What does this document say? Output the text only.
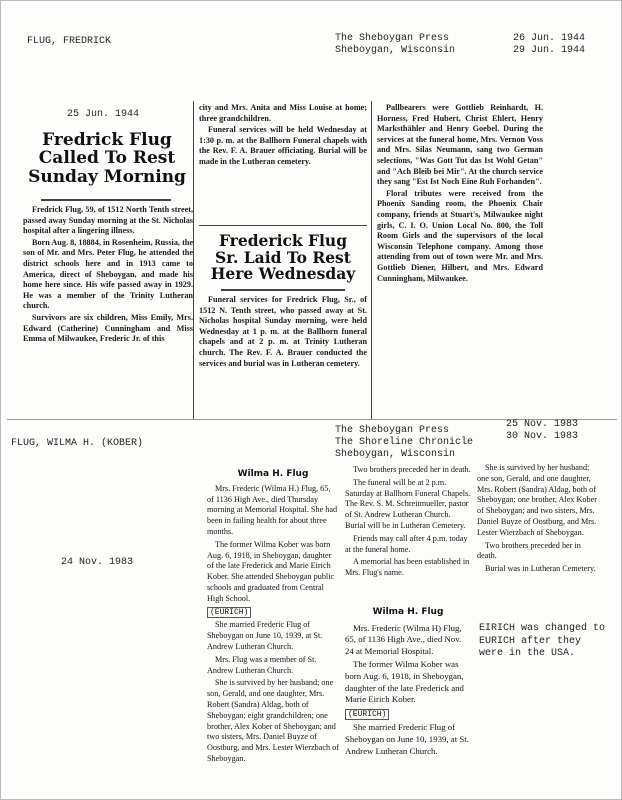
FLUG, FREDRICK	The Sheboygan Press
Sheboygan, Wisconsin
26 Jun. 1944
29 Jun. 1944
25 Jun. 1944
Fredrick Flug
Called To Rest
Sunday Morning

Fredrick Flug, 59, of 1512 North Tenth street, passed away Sunday morning at the St. Nicholas hospital after a lingering illness.

Born Aug. 8, 18884, in Rosenheim, Russia, the son of Mr. and Mrs. Peter Flug, he attended the district schools here and in 1913 came to America, direct of Sheboygan, and made his home here since. His wife passed away in 1929. He was a member of the Trinity Lutheran church.

Survivors are six children, Miss Emily, Mrs. Edward (Catherine) Cunningham and Miss Emma of Milwaukee, Frederic Jr. of this

city and Mrs. Anita and Miss Louise at home; three grandchildren.

Funeral services will be held Wednesday at 1:30 p. m. at the Ballhorn Funeral chapels with the Rev. F. A. Brauer officiating. Burial will be made in the Lutheran cemetery.

Frederick Flug
Sr. Laid To Rest
Here Wednesday

Funeral services for Fredrick Flug, Sr., of 1512 N. Tenth street, who passed away at St. Nicholas hospital Sunday morning, were held Wednesday at 1 p. m. at the Ballhorn funeral chapels and at 2 p. m. at Trinity Lutheran church. The Rev. F. A. Brauer conducted the services and burial was in Lutheran cemetery.

Pallbearers were Gottlieb Reinhardt, H. Horness, Fred Hubert, Christ Ehlert, Henry Marksthähler and Henry Goebel. During the services at the funeral home, Mrs. Vernon Voss and Mrs. Silas Neumann, sang two German selections, "Was Gott Tut das Ist Wohl Getan" and "Ach Bleib bei Mir". At the church service they sang "Est Ist Noch Eine Ruh Forhanden".

Floral tributes were received from the Phoenix Sanding room, the Phoenix Chair company, friends at Stuart's, Milwaukee night girls, C. I. O. Union Local No. 800, the Toll Room Girls and the supervisors of the local Wisconsin Telephone company. Among those attending from out of town were Mr. and Mrs. Gottlieb Diener, Hilbert, and Mrs. Edward Cunningham, Milwaukee.

FLUG, WILMA H. (KOBER)
The Sheboygan Press
The Shoreline Chronicle
Sheboygan, Wisconsin
25 Nov. 1983
30 Nov. 1983
24 Nov. 1983

Wilma H. Flug

Mrs. Frederic (Wilma H.) Flug, 65, of 1136 High Ave., died Thursday morning at Memorial Hospital. She had been in failing health for about three months.

The former Wilma Kober was born Aug. 6, 1918, in Sheboygan, daughter of the late Frederick and Marie Eirich Kober. She attended Sheboygan public schools and graduated from Central High School.

(EURICH)

She married Frederic Flug of Sheboygan on June 10, 1939, at St. Andrew Lutheran Church.

Mrs. Flug was a member of St. Andrew Lutheran Church.

She is survived by her husband; one son, Gerald, and one daughter, Mrs. Robert (Sandra) Aldag, both of Sheboygan; eight grandchildren; one brother, Alex Kober of Sheboygan; and two sisters, Mrs. Daniel Buyze of Oostburg, and Mrs. Lester Wierzbach of Sheboygan.

Two brothers preceded her in death.

The funeral will be at 2 p.m. Saturday at Ballhorn Funeral Chapels. The Rev. S. M. Schreitmueller, pastor of St. Andrew Lutheran Church. Burial will be in Lutheran Cemetery.

Friends may call after 4 p.m. today at the funeral home.

A memorial has been established in Mrs. Flug's name.

Wilma H. Flug

Mrs. Frederic (Wilma H) Flug, 65, of 1136 High Ave., died Nov. 24 at Memorial Hospital.

The former Wilma Kober was born Aug. 6, 1918, in Sheboygan, daughter of the late Frederick and Marie Eirich Kober.

(EURICH)

She married Frederic Flug of Sheboygan on June 10, 1939, at St. Andrew Lutheran Church.

She is survived by her husband; one son, Gerald, and one daughter, Mrs. Robert (Sandra) Aldag, both of Sheboygan; one brother, Alex Kober of Sheboygan; and two sisters, Mrs. Daniel Buyze of Oostburg, and Mrs. Lester Wierzbach of Sheboygan.

Two brothers preceded her in death.

Burial was in Lutheran Cemetery.

EIRICH was changed to EURICH after they were in the USA.
